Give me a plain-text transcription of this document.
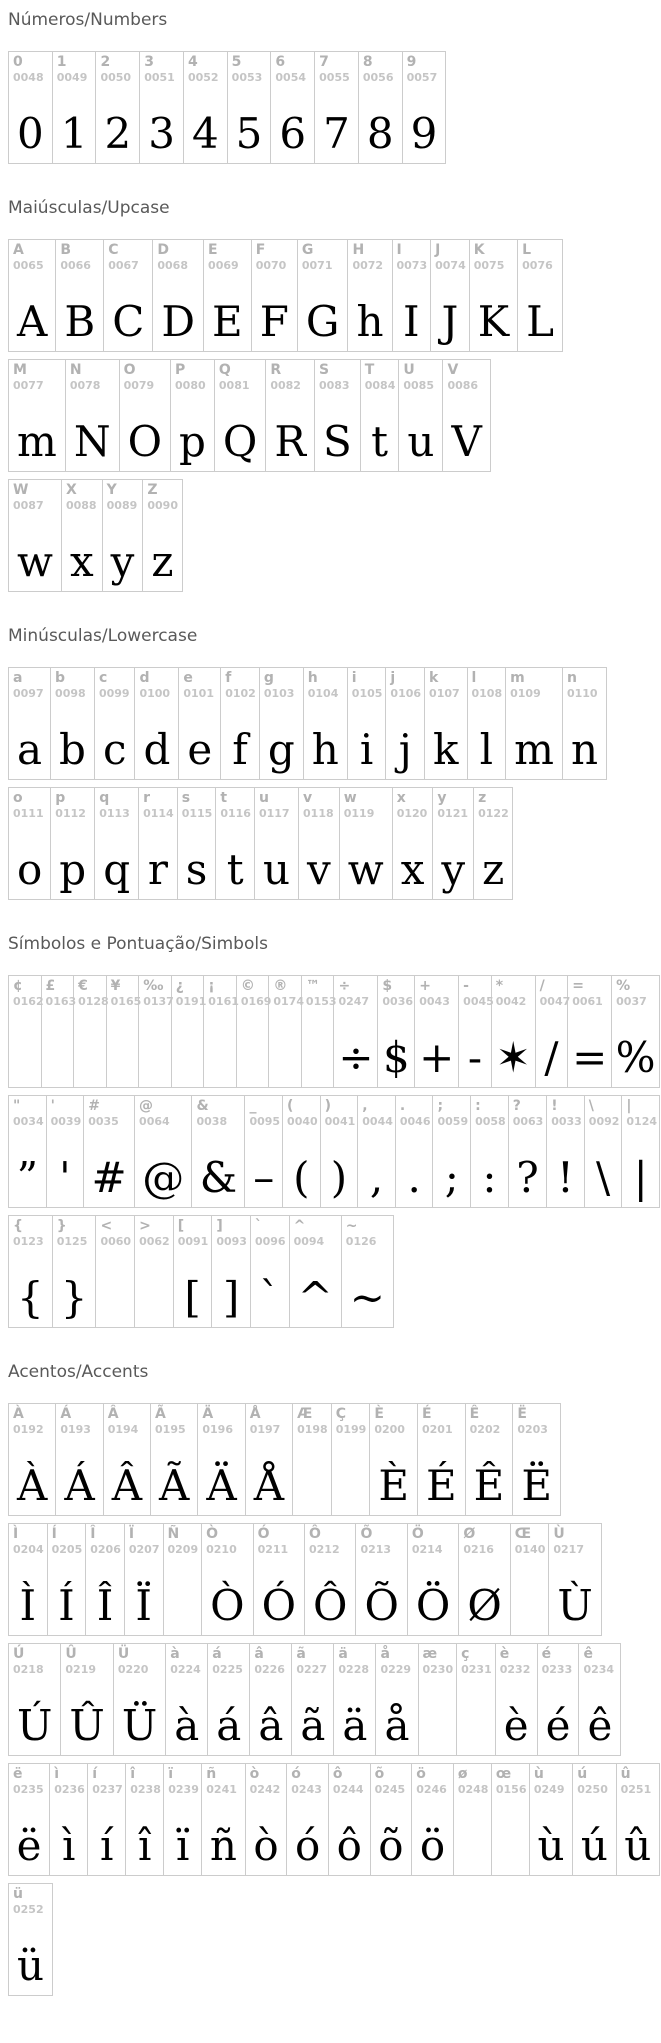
Números/Numbers
0
0048
0
1
0049
1
2
0050
2
3
0051
3
4
0052
4
5
0053
5
6
0054
6
7
0055
7
8
0056
8
9
0057
9
Maiúsculas/Upcase
A
0065
A
B
0066
B
C
0067
C
D
0068
D
E
0069
E
F
0070
F
G
0071
G
H
0072
h
I
0073
I
J
0074
J
K
0075
K
L
0076
L
M
0077
m
N
0078
N
O
0079
O
P
0080
p
Q
0081
Q
R
0082
R
S
0083
S
T
0084
t
U
0085
u
V
0086
V
W
0087
w
X
0088
x
Y
0089
y
Z
0090
z
Minúsculas/Lowercase
a
0097
a
b
0098
b
c
0099
c
d
0100
d
e
0101
e
f
0102
f
g
0103
g
h
0104
h
i
0105
i
j
0106
j
k
0107
k
l
0108
l
m
0109
m
n
0110
n
o
0111
o
p
0112
p
q
0113
q
r
0114
r
s
0115
s
t
0116
t
u
0117
u
v
0118
v
w
0119
w
x
0120
x
y
0121
y
z
0122
z
Símbolos e Pontuação/Simbols
¢
0162
£
0163
€
0128
¥
0165
‰
0137
¿
0191
¡
0161
©
0169
®
0174
™
0153
÷
0247
÷
$
0036
$
+
0043
+
-
0045
-
*
0042
✶
/
0047
/
=
0061
=
%
0037
%
"
0034
”
'
0039
'
#
0035
#
@
0064
@
&
0038
&
_
0095
–
(
0040
(
)
0041
)
,
0044
,
.
0046
.
;
0059
;
:
0058
:
?
0063
?
!
0033
!
\
0092
\
|
0124
|
{
0123
{
}
0125
}
<
0060
>
0062
[
0091
[
]
0093
]
`
0096
`
^
0094
^
~
0126
~
Acentos/Accents
À
0192
À
Á
0193
Á
Â
0194
Â
Ã
0195
Ã
Ä
0196
Ä
Å
0197
Å
Æ
0198
Ç
0199
È
0200
È
É
0201
É
Ê
0202
Ê
Ë
0203
Ë
Ì
0204
Ì
Í
0205
Í
Î
0206
Î
Ï
0207
Ï
Ñ
0209
Ò
0210
Ò
Ó
0211
Ó
Ô
0212
Ô
Õ
0213
Õ
Ö
0214
Ö
Ø
0216
Ø
Œ
0140
Ù
0217
Ù
Ú
0218
Ú
Û
0219
Û
Ü
0220
Ü
à
0224
à
á
0225
á
â
0226
â
ã
0227
ã
ä
0228
ä
å
0229
å
æ
0230
ç
0231
è
0232
è
é
0233
é
ê
0234
ê
ë
0235
ë
ì
0236
ì
í
0237
í
î
0238
î
ï
0239
ï
ñ
0241
ñ
ò
0242
ò
ó
0243
ó
ô
0244
ô
õ
0245
õ
ö
0246
ö
ø
0248
œ
0156
ù
0249
ù
ú
0250
ú
û
0251
û
ü
0252
ü
